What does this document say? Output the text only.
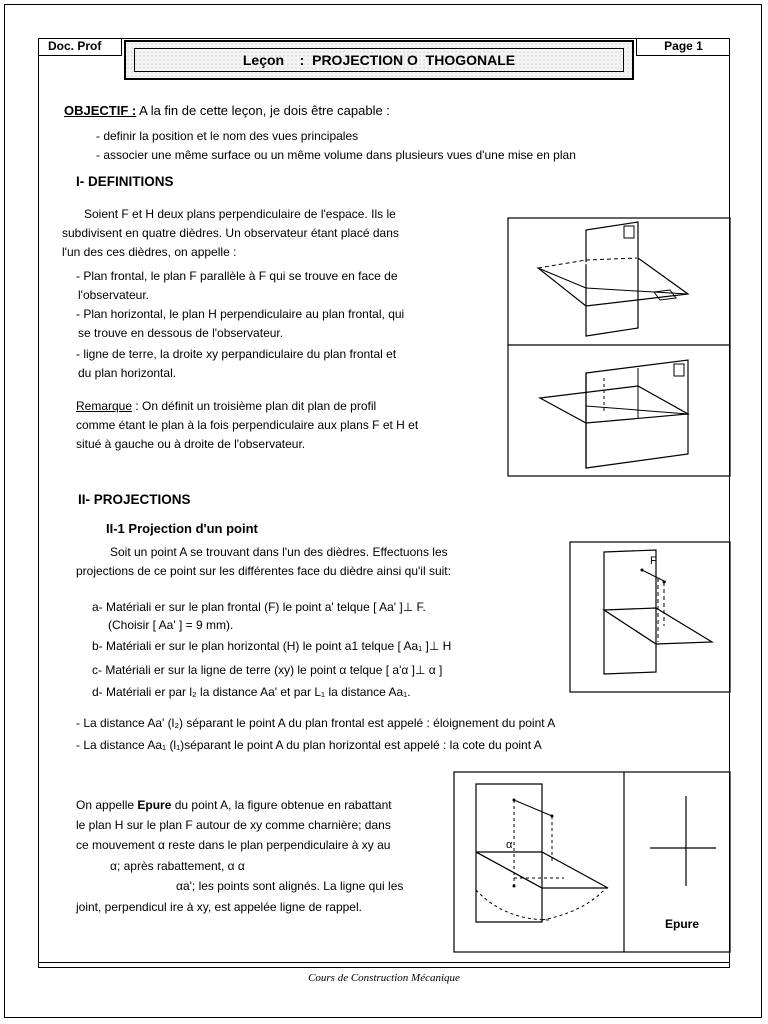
Doc. Prof	Page 1
Leçon    :  PROJECTION O  THOGONALE
OBJECTIF : A la fin de cette leçon, je dois être capable :
- definir la position et le nom des vues principales
- associer une même surface ou un même volume dans plusieurs vues d'une mise en plan
I- DEFINITIONS
Soient F et H deux plans perpendiculaire de l'espace. Ils le
subdivisent en quatre dièdres. Un observateur étant placé dans
l'un des ces dièdres, on appelle :
- Plan frontal, le plan F parallèle à F qui se trouve en face de
l'observateur.
- Plan horizontal, le plan H perpendiculaire au plan frontal, qui
se trouve en dessous de l'observateur.
- ligne de terre, la droite xy perpandiculaire du plan frontal et
du plan horizontal.
Remarque : On définit un troisième plan dit plan de profil
comme étant le plan à la fois perpendiculaire aux plans F et H et
situé à gauche ou à droite de l'observateur.
II- PROJECTIONS
II-1 Projection d'un point
Soit un point A se trouvant dans l'un des dièdres. Effectuons les
projections de ce point sur les différentes face du dièdre ainsi qu'il suit:
a- Matériali er sur le plan frontal (F) le point a' telque [ Aa' ]⊥ F.
(Choisir [ Aa' ] = 9 mm).
b- Matériali er sur le plan horizontal (H) le point a1 telque [ Aa₁ ]⊥ H
c- Matériali er sur la ligne de terre (xy) le point α telque [ a'α ]⊥ α ]
d- Matériali er par l₂ la distance Aa' et par L₁ la distance Aa₁.
F
- La distance Aa' (l₂) séparant le point A du plan frontal est appelé : éloignement du point A
- La distance Aa₁ (l₁)séparant le point A du plan horizontal est appelé : la cote du point A
On appelle Epure du point A, la figure obtenue en rabattant
le plan H sur le plan F autour de xy comme charnière; dans
ce mouvement α reste dans le plan perpendiculaire à xy au
α; après rabattement, α α
αa'; les points sont alignés. La ligne qui les
joint, perpendicul ire à xy, est appelée ligne de rappel.
α
Epure
Cours de Construction Mécanique
